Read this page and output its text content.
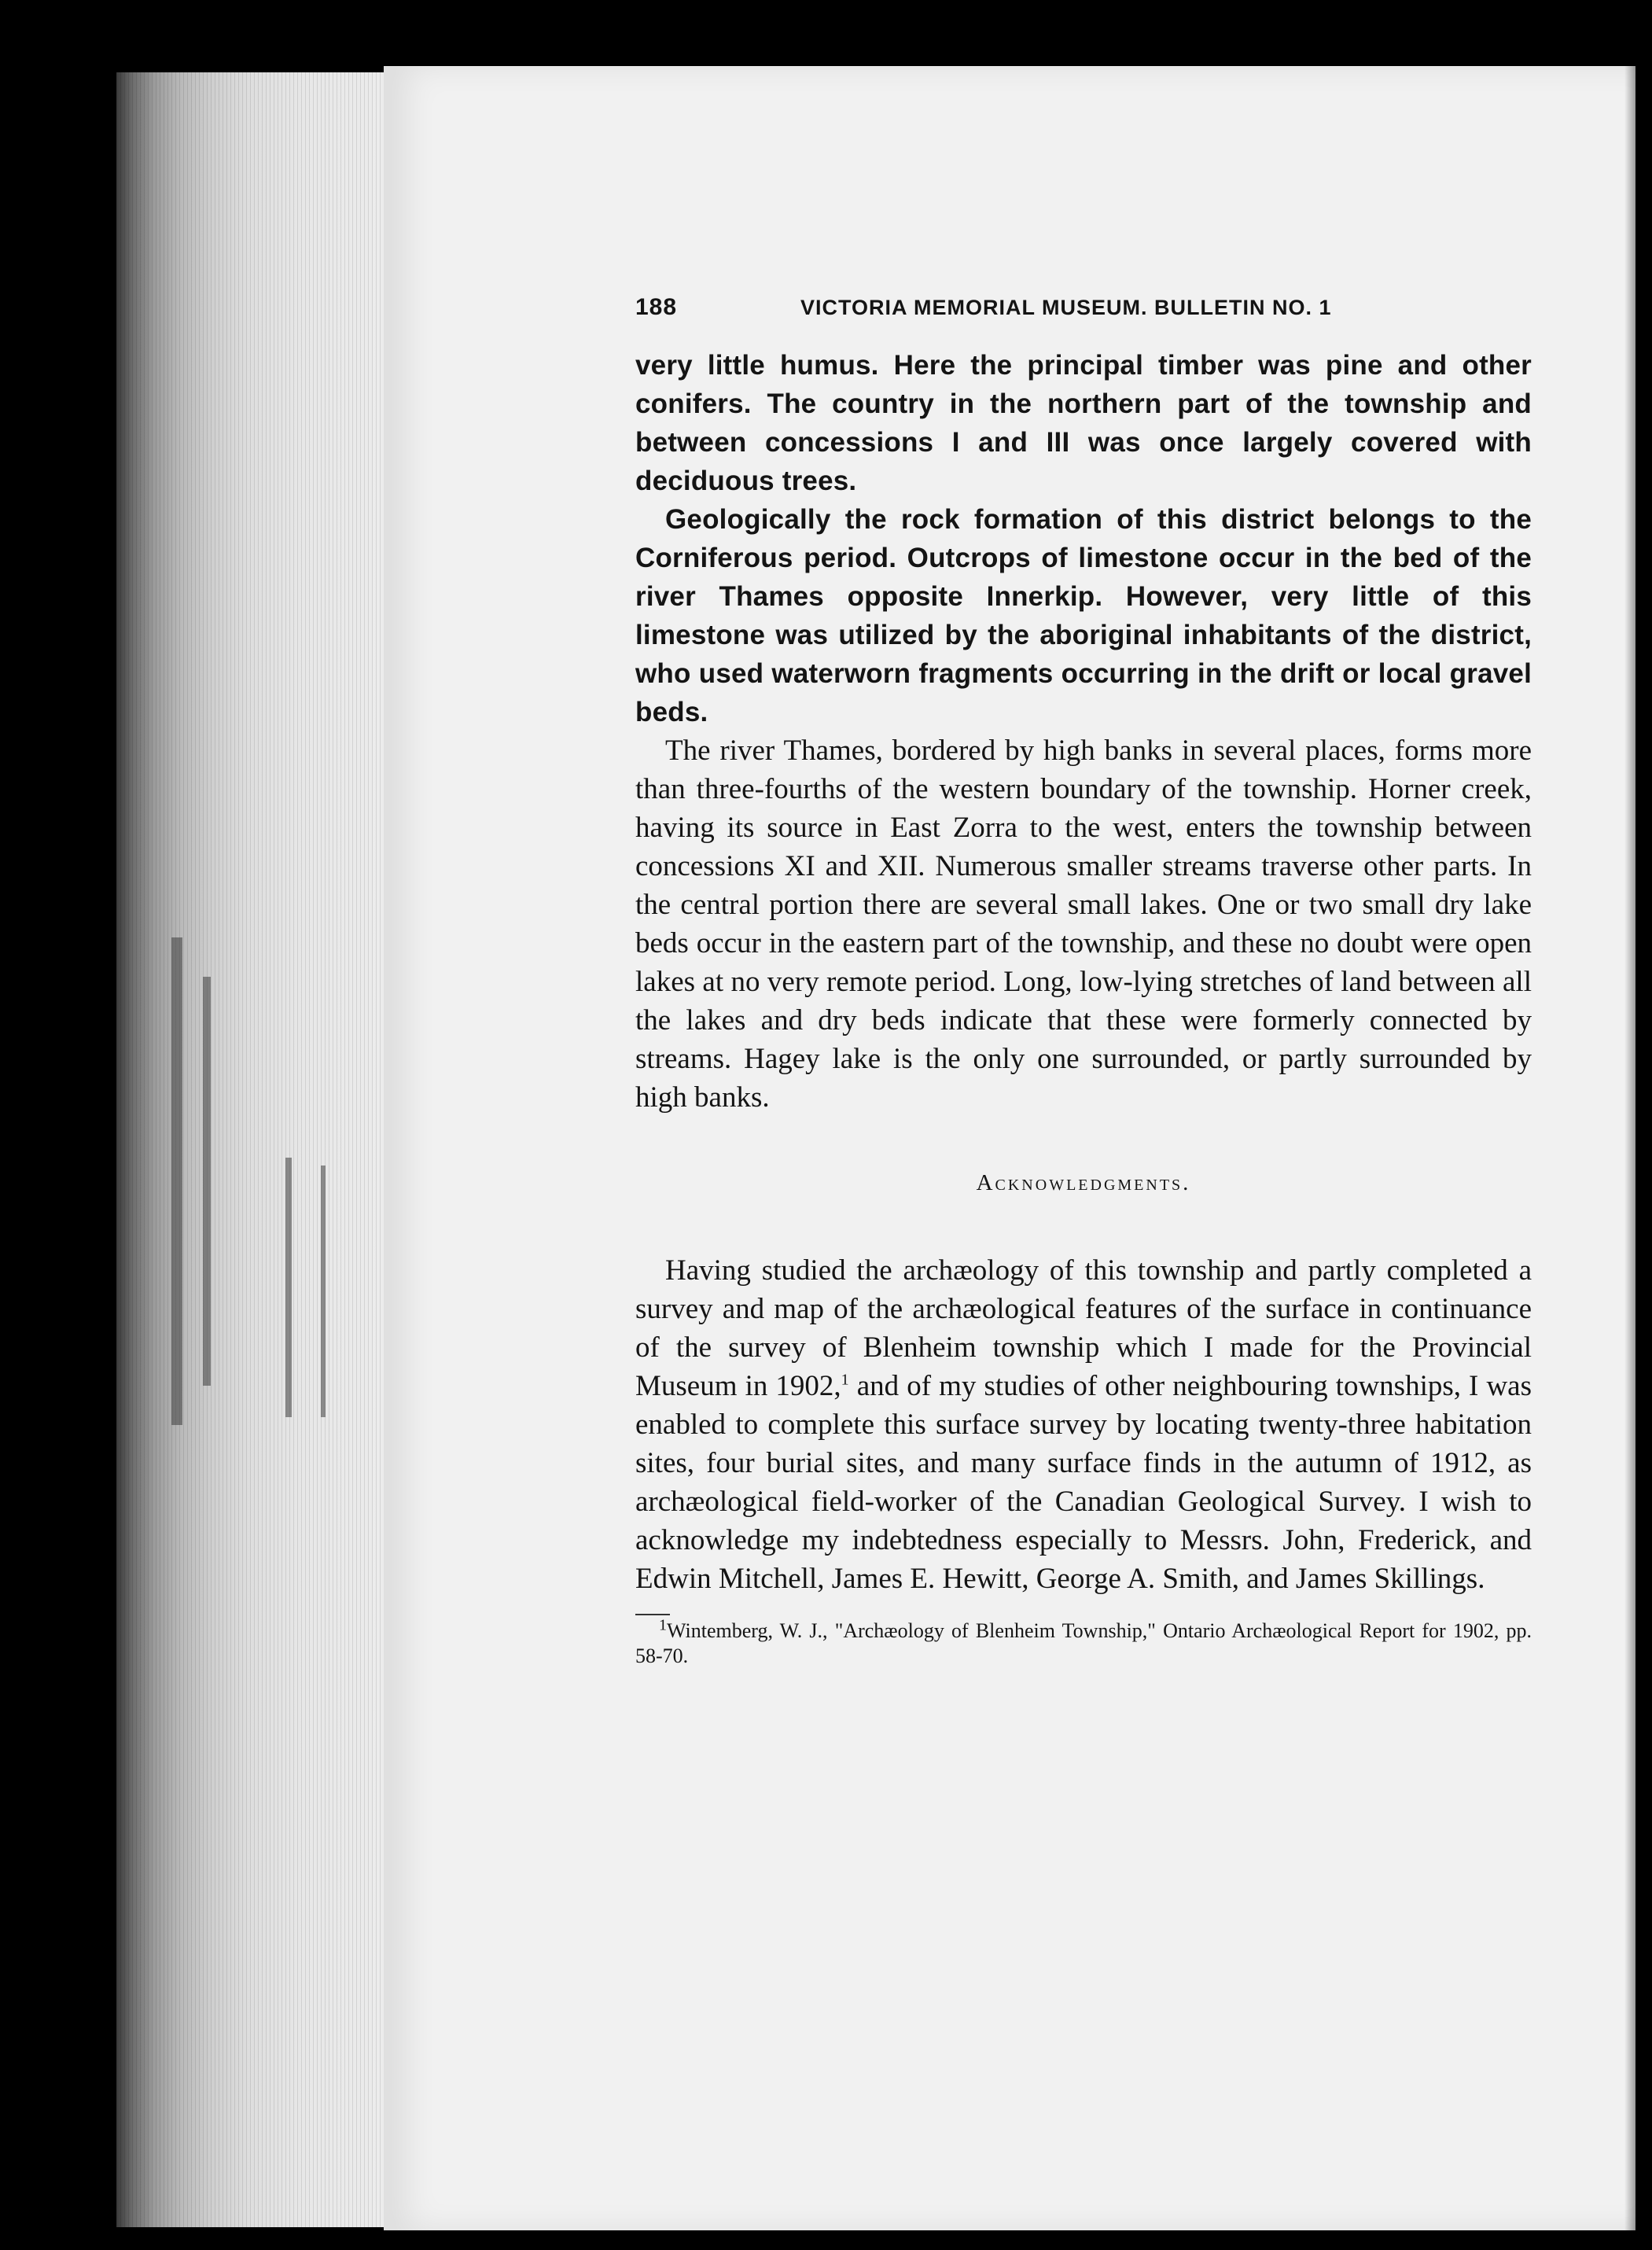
188	VICTORIA MEMORIAL MUSEUM. BULLETIN NO. 1

very little humus. Here the principal timber was pine and other conifers. The country in the northern part of the township and between concessions I and III was once largely covered with deciduous trees.

Geologically the rock formation of this district belongs to the Corniferous period. Outcrops of limestone occur in the bed of the river Thames opposite Innerkip. However, very little of this limestone was utilized by the aboriginal inhabitants of the district, who used waterworn fragments occurring in the drift or local gravel beds.

The river Thames, bordered by high banks in several places, forms more than three-fourths of the western boundary of the township. Horner creek, having its source in East Zorra to the west, enters the township between concessions XI and XII. Numerous smaller streams traverse other parts. In the central portion there are several small lakes. One or two small dry lake beds occur in the eastern part of the township, and these no doubt were open lakes at no very remote period. Long, low-lying stretches of land between all the lakes and dry beds indicate that these were formerly connected by streams. Hagey lake is the only one surrounded, or partly surrounded by high banks.

Acknowledgments.

Having studied the archæology of this township and partly completed a survey and map of the archæological features of the surface in continuance of the survey of Blenheim township which I made for the Provincial Museum in 1902,$^1$ and of my studies of other neighbouring townships, I was enabled to complete this surface survey by locating twenty-three habitation sites, four burial sites, and many surface finds in the autumn of 1912, as archæological field-worker of the Canadian Geological Survey. I wish to acknowledge my indebtedness especially to Messrs. John, Frederick, and Edwin Mitchell, James E. Hewitt, George A. Smith, and James Skillings.

$^1$Wintemberg, W. J., "Archæology of Blenheim Township," Ontario Archæological Report for 1902, pp. 58-70.
